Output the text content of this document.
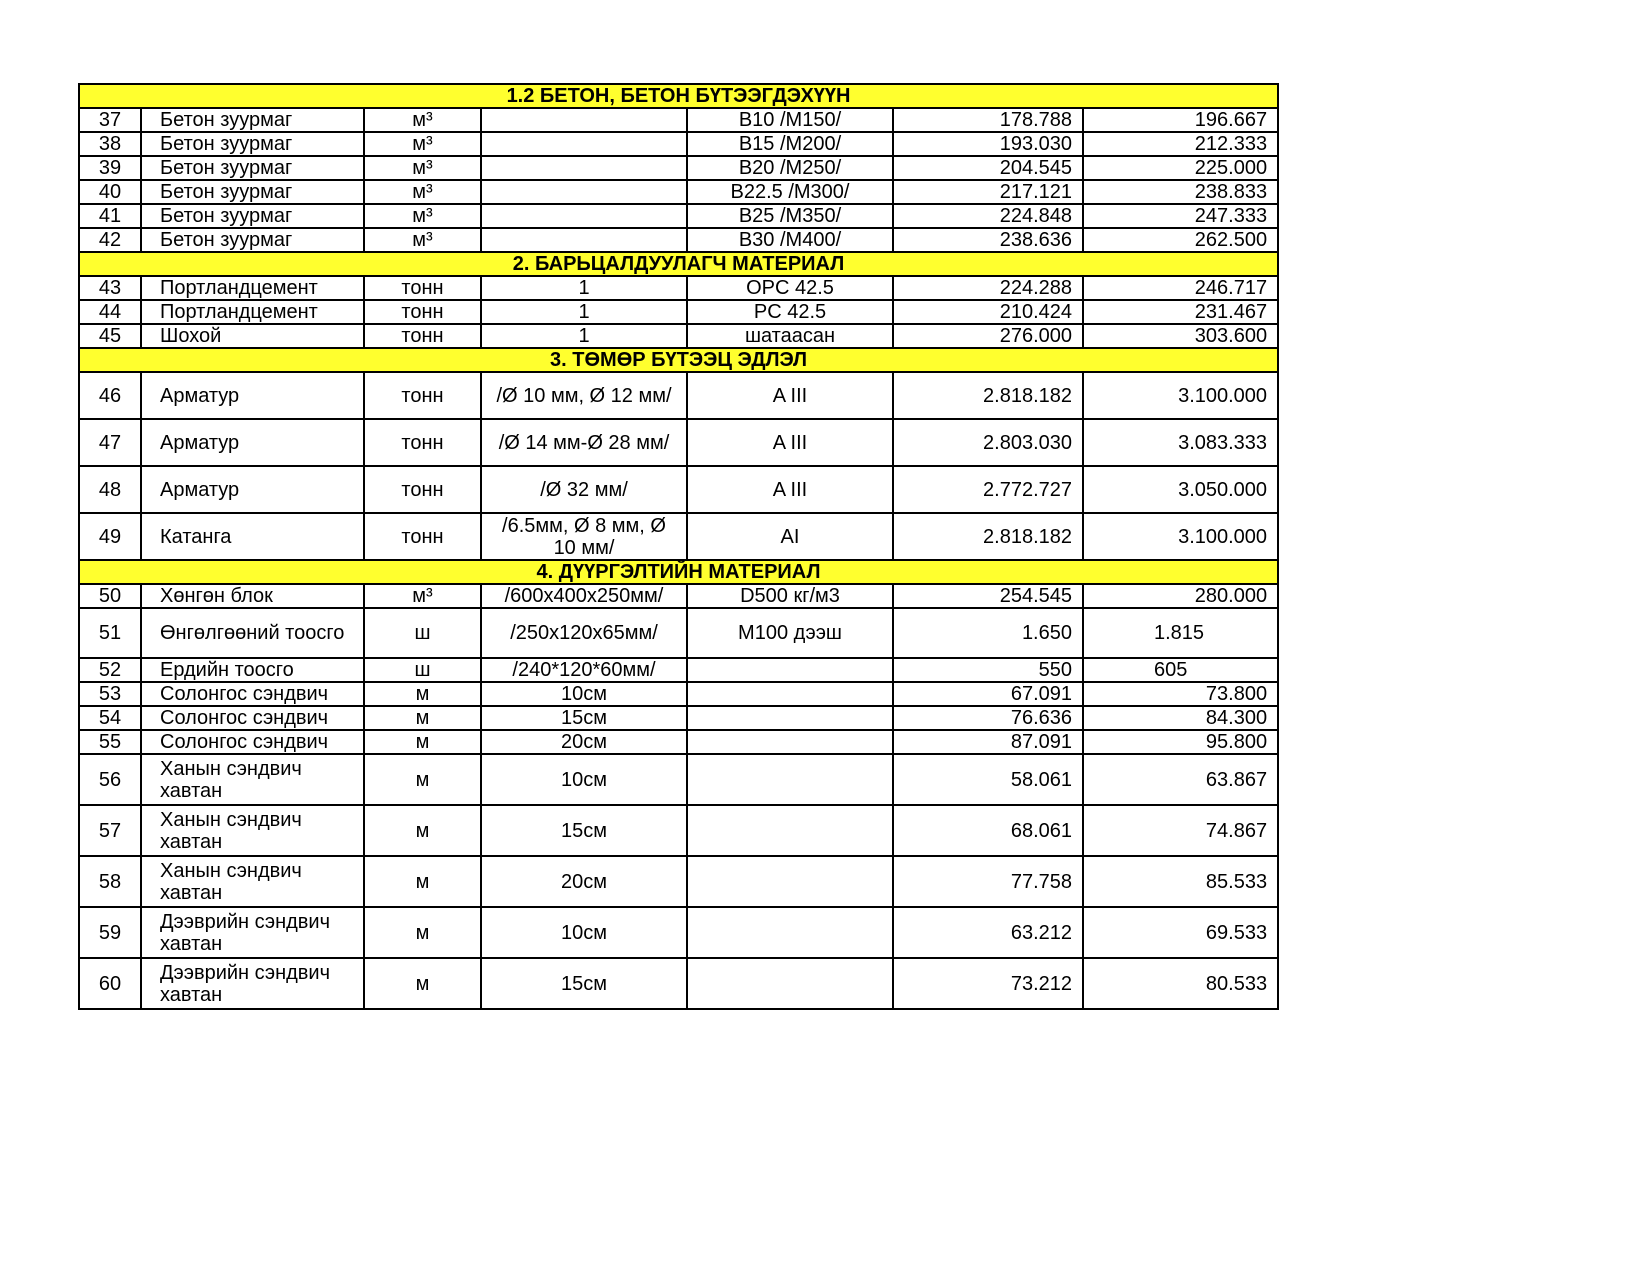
1.2 БЕТОН, БЕТОН БҮТЭЭГДЭХҮҮН						
37	Бетон зуурмаг	м³		B10 /M150/	178.788	196.667
38	Бетон зуурмаг	м³		B15 /M200/	193.030	212.333
39	Бетон зуурмаг	м³		B20 /M250/	204.545	225.000
40	Бетон зуурмаг	м³		B22.5 /M300/	217.121	238.833
41	Бетон зуурмаг	м³		B25 /M350/	224.848	247.333
42	Бетон зуурмаг	м³		B30 /M400/	238.636	262.500
2. БАРЬЦАЛДУУЛАГЧ МАТЕРИАЛ						
43	Портландцемент	тонн	1	OPC 42.5	224.288	246.717
44	Портландцемент	тонн	1	PC 42.5	210.424	231.467
45	Шохой	тонн	1	шатаасан	276.000	303.600
3. ТӨМӨР БҮТЭЭЦ ЭДЛЭЛ						
46	Арматур	тонн	/Ø 10 мм, Ø 12 мм/	A III	2.818.182	3.100.000
47	Арматур	тонн	/Ø 14 мм-Ø 28 мм/	A III	2.803.030	3.083.333
48	Арматур	тонн	/Ø 32 мм/	A III	2.772.727	3.050.000
49	Катанга	тонн	/6.5мм, Ø 8 мм, Ø 10 мм/	AI	2.818.182	3.100.000
4. ДҮҮРГЭЛТИЙН МАТЕРИАЛ						
50	Хөнгөн блок	м³	/600x400x250мм/	D500 кг/м3	254.545	280.000
51	Өнгөлгөөний тоосго	ш	/250x120x65мм/	M100 дээш	1.650	1.815
52	Ердийн тоосго	ш	/240*120*60мм/		550	605
53	Солонгос сэндвич	м	10см		67.091	73.800
54	Солонгос сэндвич	м	15см		76.636	84.300
55	Солонгос сэндвич	м	20см		87.091	95.800
56	Ханын сэндвич хавтан	м	10см		58.061	63.867
57	Ханын сэндвич хавтан	м	15см		68.061	74.867
58	Ханын сэндвич хавтан	м	20см		77.758	85.533
59	Дээврийн сэндвич хавтан	м	10см		63.212	69.533
60	Дээврийн сэндвич хавтан	м	15см		73.212	80.533
